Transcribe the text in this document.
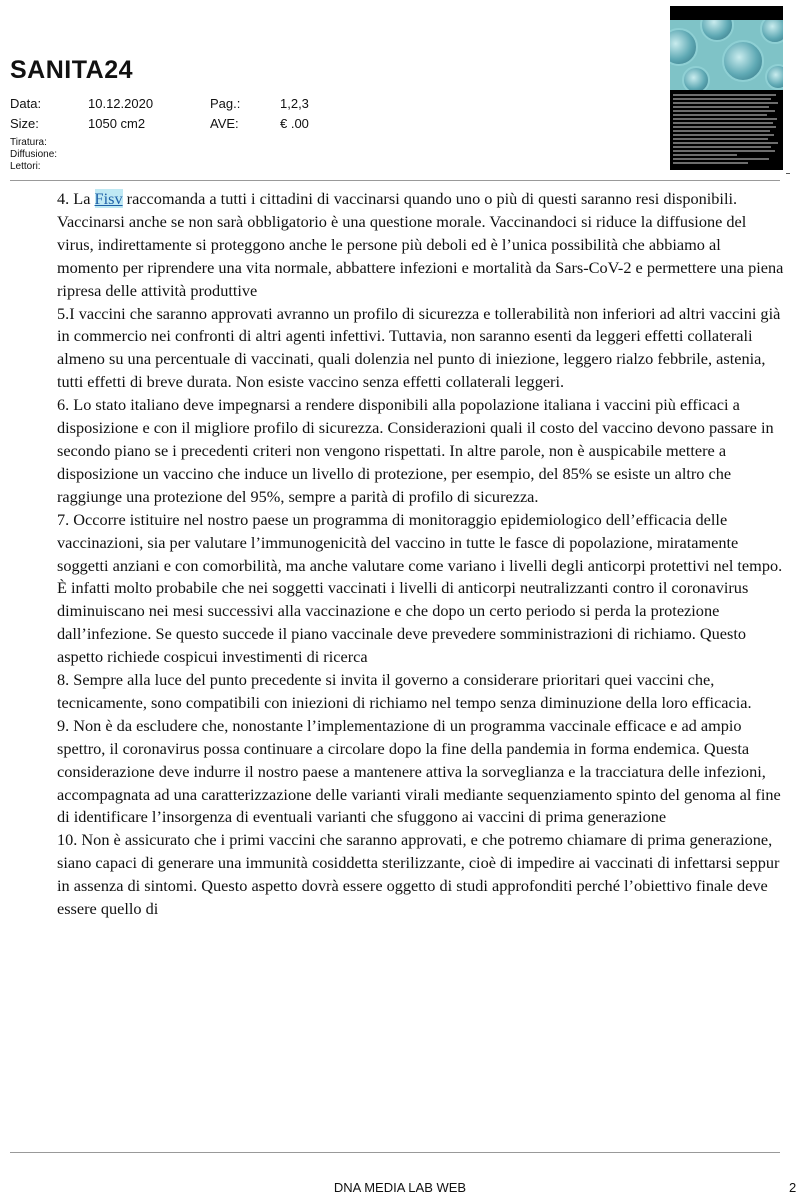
SANITA24
Data:	10.12.2020	Pag.:	1,2,3
Size:	1050 cm2	AVE:	€ .00
Tiratura:
Diffusione:
Lettori:

4. La Fisv raccomanda a tutti i cittadini di vaccinarsi quando uno o più di questi saranno resi disponibili. Vaccinarsi anche se non sarà obbligatorio è una questione morale. Vaccinandoci si riduce la diffusione del virus, indirettamente si proteggono anche le persone più deboli ed è l’unica possibilità che abbiamo al momento per riprendere una vita normale, abbattere infezioni e mortalità da Sars-CoV-2 e permettere una piena ripresa delle attività produttive

5.I vaccini che saranno approvati avranno un profilo di sicurezza e tollerabilità non inferiori ad altri vaccini già in commercio nei confronti di altri agenti infettivi. Tuttavia, non saranno esenti da leggeri effetti collaterali almeno su una percentuale di vaccinati, quali dolenzia nel punto di iniezione, leggero rialzo febbrile, astenia, tutti effetti di breve durata. Non esiste vaccino senza effetti collaterali leggeri.

6. Lo stato italiano deve impegnarsi a rendere disponibili alla popolazione italiana i vaccini più efficaci a disposizione e con il migliore profilo di sicurezza. Considerazioni quali il costo del vaccino devono passare in secondo piano se i precedenti criteri non vengono rispettati. In altre parole, non è auspicabile mettere a disposizione un vaccino che induce un livello di protezione, per esempio, del 85% se esiste un altro che raggiunge una protezione del 95%, sempre a parità di profilo di sicurezza.

7. Occorre istituire nel nostro paese un programma di monitoraggio epidemiologico dell’efficacia delle vaccinazioni, sia per valutare l’immunogenicità del vaccino in tutte le fasce di popolazione, miratamente soggetti anziani e con comorbilità, ma anche valutare come variano i livelli degli anticorpi protettivi nel tempo. È infatti molto probabile che nei soggetti vaccinati i livelli di anticorpi neutralizzanti contro il coronavirus diminuiscano nei mesi successivi alla vaccinazione e che dopo un certo periodo si perda la protezione dall’infezione. Se questo succede il piano vaccinale deve prevedere somministrazioni di richiamo. Questo aspetto richiede cospicui investimenti di ricerca

8. Sempre alla luce del punto precedente si invita il governo a considerare prioritari quei vaccini che, tecnicamente, sono compatibili con iniezioni di richiamo nel tempo senza diminuzione della loro efficacia.

9. Non è da escludere che, nonostante l’implementazione di un programma vaccinale efficace e ad ampio spettro, il coronavirus possa continuare a circolare dopo la fine della pandemia in forma endemica. Questa considerazione deve indurre il nostro paese a mantenere attiva la sorveglianza e la tracciatura delle infezioni, accompagnata ad una caratterizzazione delle varianti virali mediante sequenziamento spinto del genoma al fine di identificare l’insorgenza di eventuali varianti che sfuggono ai vaccini di prima generazione

10. Non è assicurato che i primi vaccini che saranno approvati, e che potremo chiamare di prima generazione, siano capaci di generare una immunità cosiddetta sterilizzante, cioè di impedire ai vaccinati di infettarsi seppur in assenza di sintomi. Questo aspetto dovrà essere oggetto di studi approfonditi perché l’obiettivo finale deve essere quello di

DNA MEDIA LAB WEB	2
